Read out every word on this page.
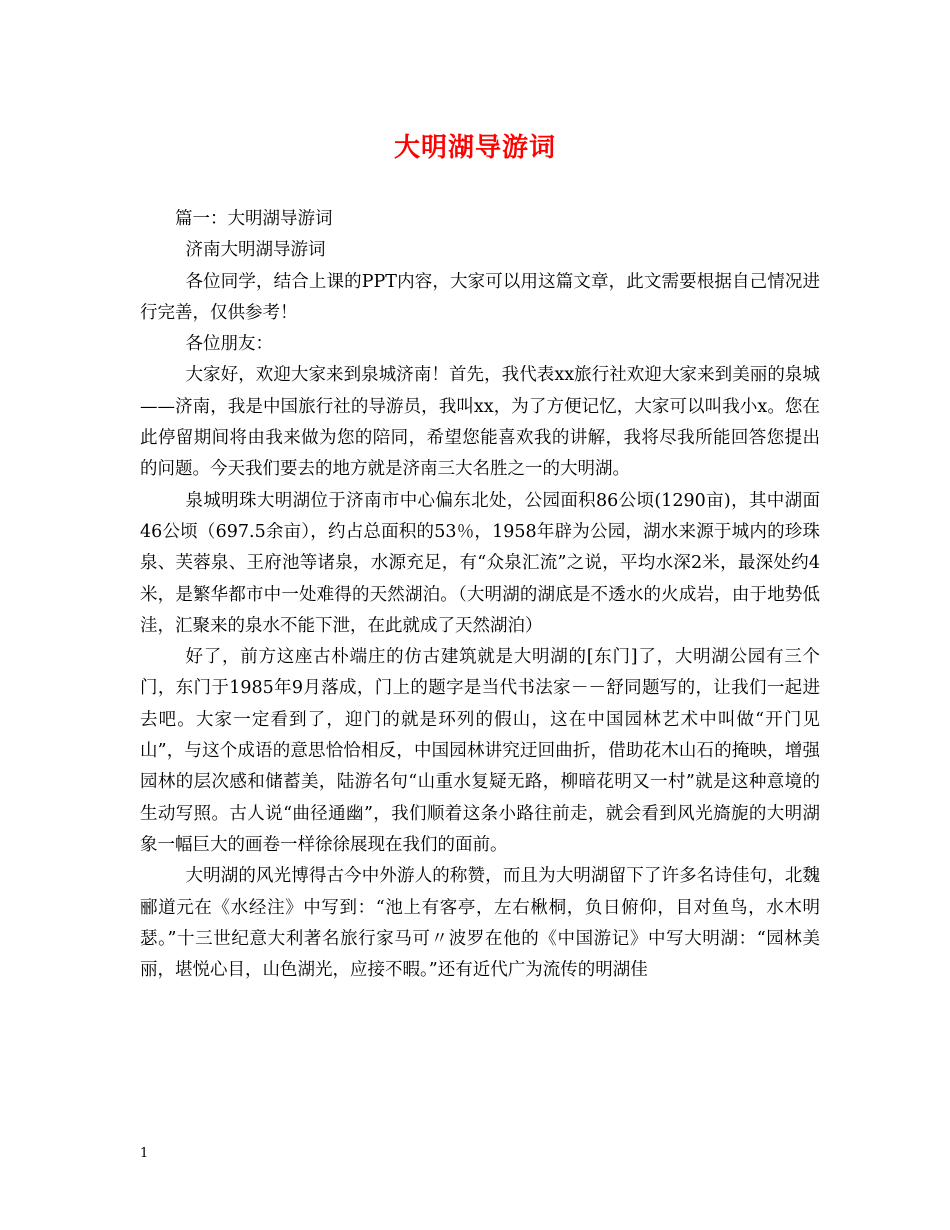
大明湖导游词

篇一：大明湖导游词

济南大明湖导游词

各位同学，结合上课的PPT内容，大家可以用这篇文章，此文需要根据自己情况进行完善，仅供参考！

各位朋友：

大家好，欢迎大家来到泉城济南！首先，我代表xx旅行社欢迎大家来到美丽的泉城——济南，我是中国旅行社的导游员，我叫xx，为了方便记忆，大家可以叫我小x。您在此停留期间将由我来做为您的陪同，希望您能喜欢我的讲解，我将尽我所能回答您提出的问题。今天我们要去的地方就是济南三大名胜之一的大明湖。

泉城明珠大明湖位于济南市中心偏东北处，公园面积86公顷(1290亩)，其中湖面46公顷（697.5余亩），约占总面积的53％，1958年辟为公园，湖水来源于城内的珍珠泉、芙蓉泉、王府池等诸泉，水源充足，有“众泉汇流”之说，平均水深2米，最深处约4米，是繁华都市中一处难得的天然湖泊。（大明湖的湖底是不透水的火成岩，由于地势低洼，汇聚来的泉水不能下泄，在此就成了天然湖泊）

好了，前方这座古朴端庄的仿古建筑就是大明湖的[东门]了，大明湖公园有三个门，东门于1985年9月落成，门上的题字是当代书法家－－舒同题写的，让我们一起进去吧。大家一定看到了，迎门的就是环列的假山，这在中国园林艺术中叫做“开门见山”，与这个成语的意思恰恰相反，中国园林讲究迂回曲折，借助花木山石的掩映，增强园林的层次感和储蓄美，陆游名句“山重水复疑无路，柳暗花明又一村”就是这种意境的生动写照。古人说“曲径通幽”，我们顺着这条小路往前走，就会看到风光旖旎的大明湖象一幅巨大的画卷一样徐徐展现在我们的面前。

大明湖的风光博得古今中外游人的称赞，而且为大明湖留下了许多名诗佳句，北魏郦道元在《水经注》中写到：“池上有客亭，左右楸桐，负日俯仰，目对鱼鸟，水木明瑟。”十三世纪意大利著名旅行家马可〃波罗在他的《中国游记》中写大明湖：“园林美丽，堪悦心目，山色湖光，应接不暇。”还有近代广为流传的明湖佳

1
